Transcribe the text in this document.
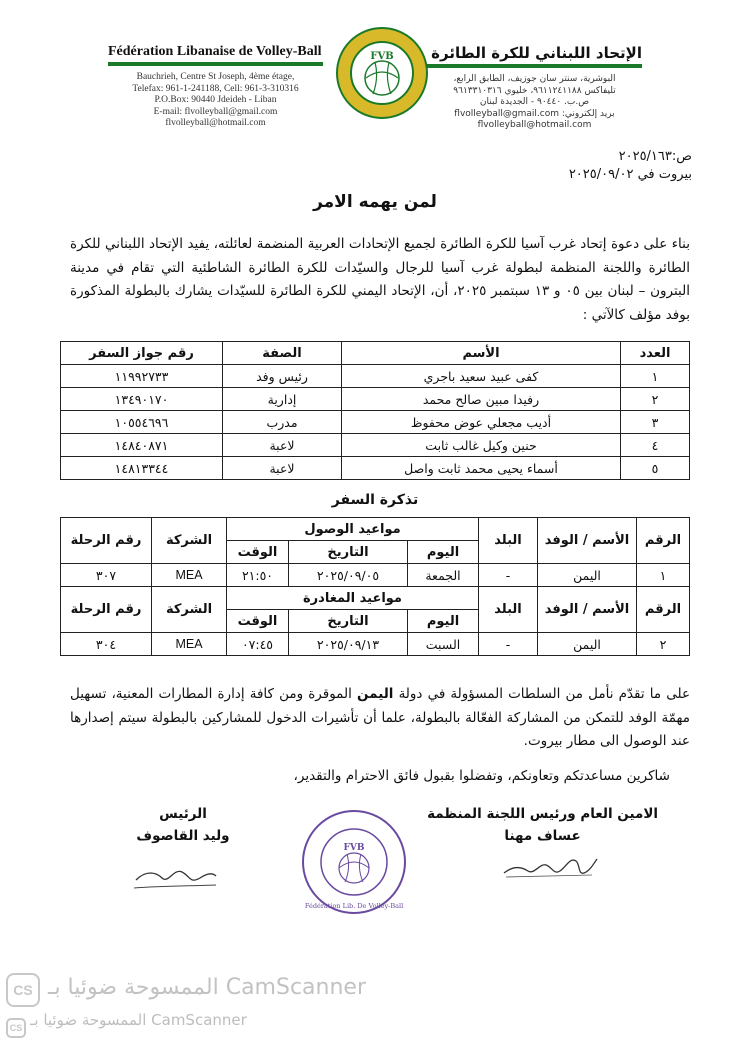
Fédération Libanaise de Volley-Ball
Bauchrieh, Centre St Joseph, 4ème étage,
Telefax: 961-1-241188, Cell: 961-3-310316
P.O.Box: 90440 Jdeideh - Liban
E-mail: flvolleyball@gmail.com
flvolleyball@hotmail.com
FVB	الإتحاد اللبناني للكرة الطائرة
البوشرية، سنتر سان جوزيف، الطابق الرابع،
تليفاكس ٩٦١١٢٤١١٨٨، خليوي ٩٦١٣٣١٠٣١٦
ص.ب. ٩٠٤٤٠ - الجديدة لبنان
بريد إلكتروني: flvolleyball@gmail.com
flvolleyball@hotmail.com
ص:٢٠٢٥/١٦٣
بيروت في ٢٠٢٥/٠٩/٠٢
لمن يهمه الامر
بناء على دعوة إتحاد غرب آسيا للكرة الطائرة لجميع الإتحادات العربية المنضمة لعائلته، يفيد الإتحاد اللبناني للكرة الطائرة واللجنة المنظمة لبطولة غرب آسيا للرجال والسيّدات للكرة الطائرة الشاطئية التي تقام في مدينة البترون – لبنان بين ٠٥ و ١٣ سبتمبر ٢٠٢٥، أن، الإتحاد اليمني للكرة الطائرة للسيّدات يشارك بالبطولة المذكورة بوفد مؤلف كالآتي :
العدد	الأسم	الصفة	رقم جواز السفر
١	كفى عبيد سعيد باجري	رئيس وفد	١١٩٩٢٧٣٣
٢	رفيدا مبين صالح محمد	إدارية	١٣٤٩٠١٧٠
٣	أديب مجعلي عوض محفوظ	مدرب	١٠٥٥٤٦٩٦
٤	حنين وكيل غالب ثابت	لاعبة	١٤٨٤٠٨٧١
٥	أسماء يحيى محمد ثابت واصل	لاعبة	١٤٨١٣٣٤٤
تذكرة السفر
الرقم	الأسم / الوفد	البلد	مواعيد الوصول			الشركة	رقم الرحلة
			اليوم	التاريخ	الوقت		
١	اليمن	-	الجمعة	٢٠٢٥/٠٩/٠٥	٢١:٥٠	MEA	٣٠٧
الرقم	الأسم / الوفد	البلد	مواعيد المغادرة			الشركة	رقم الرحلة
			اليوم	التاريخ	الوقت		
٢	اليمن	-	السبت	٢٠٢٥/٠٩/١٣	٠٧:٤٥	MEA	٣٠٤
على ما تقدّم نأمل من السلطات المسؤولة في دولة اليمن الموقرة ومن كافة إدارة المطارات المعنية، تسهيل مهمّة الوفد للتمكن من المشاركة الفعّالة بالبطولة، علما أن تأشيرات الدخول للمشاركين بالبطولة سيتم إصدارها عند الوصول الى مطار بيروت.
شاكرين مساعدتكم وتعاونكم، وتفضلوا بقبول فائق الاحترام والتقدير،
الامين العام ورئيس اللجنة المنظمة
عساف مهنا
الرئيس
وليد القاصوف
FVB
Fédération Lib. De Volley-Ball
CS الممسوحة ضوئيا بـ CamScanner
CS الممسوحة ضوئيا بـ CamScanner
